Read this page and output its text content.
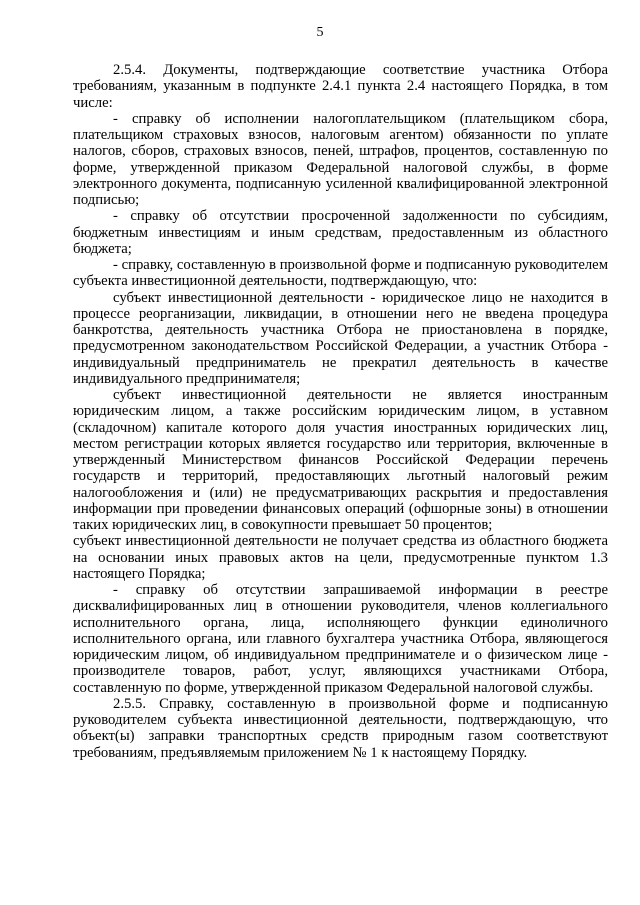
5

2.5.4. Документы, подтверждающие соответствие участника Отбора требованиям, указанным в подпункте 2.4.1 пункта 2.4 настоящего Порядка, в том числе:

- справку об исполнении налогоплательщиком (плательщиком сбора, плательщиком страховых взносов, налоговым агентом) обязанности по уплате налогов, сборов, страховых взносов, пеней, штрафов, процентов, составленную по форме, утвержденной приказом Федеральной налоговой службы, в форме электронного документа, подписанную усиленной квалифицированной электронной подписью;

- справку об отсутствии просроченной задолженности по субсидиям, бюджетным инвестициям и иным средствам, предоставленным из областного бюджета;

- справку, составленную в произвольной форме и подписанную руководителем субъекта инвестиционной деятельности, подтверждающую, что:

субъект инвестиционной деятельности - юридическое лицо не находится в процессе реорганизации, ликвидации, в отношении него не введена процедура банкротства, деятельность участника Отбора не приостановлена в порядке, предусмотренном законодательством Российской Федерации, а участник Отбора - индивидуальный предприниматель не прекратил деятельность в качестве индивидуального предпринимателя;

субъект инвестиционной деятельности не является иностранным юридическим лицом, а также российским юридическим лицом, в уставном (складочном) капитале которого доля участия иностранных юридических лиц, местом регистрации которых является государство или территория, включенные в утвержденный Министерством финансов Российской Федерации перечень государств и территорий, предоставляющих льготный налоговый режим налогообложения и (или) не предусматривающих раскрытия и предоставления информации при проведении финансовых операций (офшорные зоны) в отношении таких юридических лиц, в совокупности превышает 50 процентов;

субъект инвестиционной деятельности не получает средства из областного бюджета на основании иных правовых актов на цели, предусмотренные пунктом 1.3 настоящего Порядка;

- справку об отсутствии запрашиваемой информации в реестре дисквалифицированных лиц в отношении руководителя, членов коллегиального исполнительного органа, лица, исполняющего функции единоличного исполнительного органа, или главного бухгалтера участника Отбора, являющегося юридическим лицом, об индивидуальном предпринимателе и о физическом лице - производителе товаров, работ, услуг, являющихся участниками Отбора, составленную по форме, утвержденной приказом Федеральной налоговой службы.

2.5.5. Справку, составленную в произвольной форме и подписанную руководителем субъекта инвестиционной деятельности, подтверждающую, что объект(ы) заправки транспортных средств природным газом соответствуют требованиям, предъявляемым приложением № 1 к настоящему Порядку.
